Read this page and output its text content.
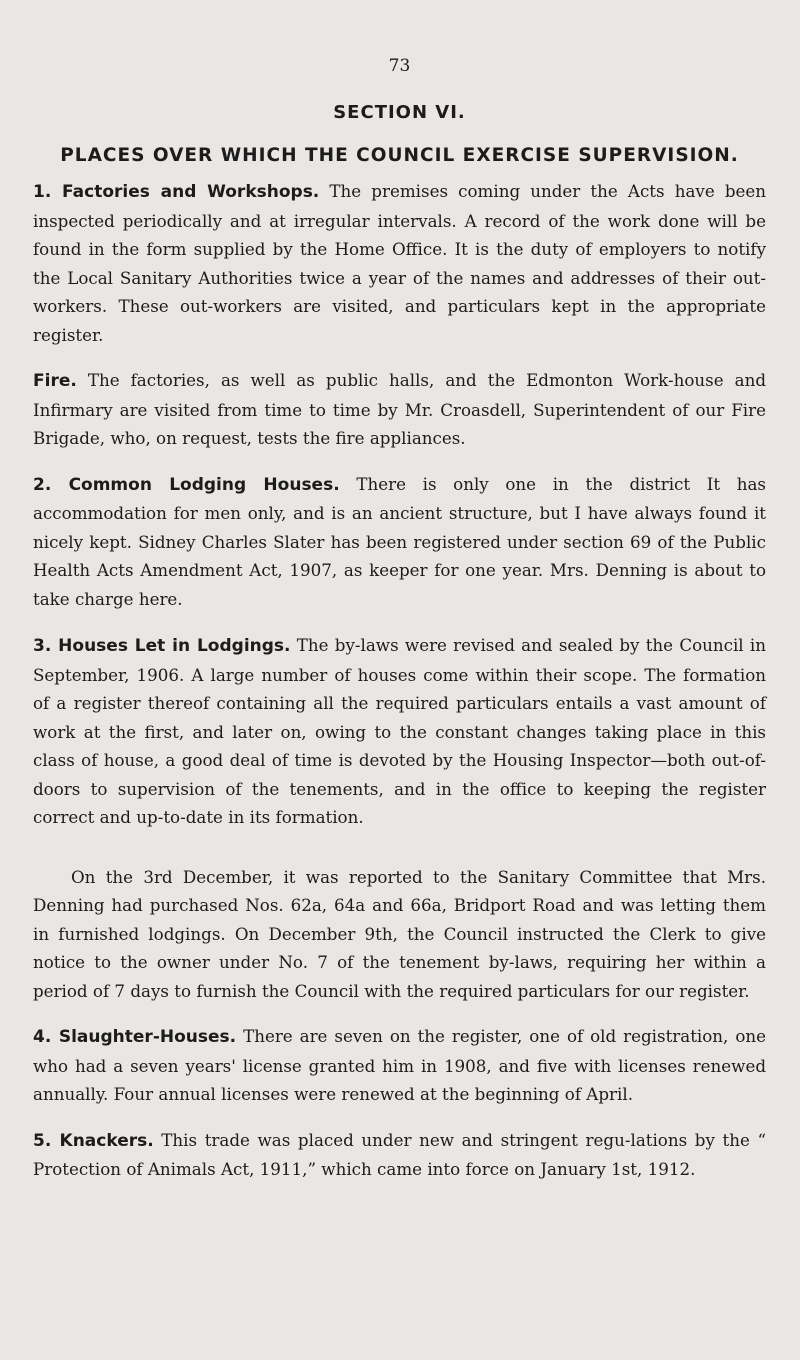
73
SECTION VI.
PLACES OVER WHICH THE COUNCIL EXERCISE SUPERVISION.

1. Factories and Workshops. The premises coming under the Acts have been inspected periodically and at irregular intervals. A record of the work done will be found in the form supplied by the Home Office. It is the duty of employers to notify the Local Sanitary Authorities twice a year of the names and addresses of their out-workers. These out-workers are visited, and particulars kept in the appropriate register.

Fire. The factories, as well as public halls, and the Edmonton Work-house and Infirmary are visited from time to time by Mr. Croasdell, Superintendent of our Fire Brigade, who, on request, tests the fire appliances.

2. Common Lodging Houses. There is only one in the district It has accommodation for men only, and is an ancient structure, but I have always found it nicely kept. Sidney Charles Slater has been registered under section 69 of the Public Health Acts Amendment Act, 1907, as keeper for one year. Mrs. Denning is about to take charge here.

3. Houses Let in Lodgings. The by-laws were revised and sealed by the Council in September, 1906. A large number of houses come within their scope. The formation of a register thereof containing all the required particulars entails a vast amount of work at the first, and later on, owing to the constant changes taking place in this class of house, a good deal of time is devoted by the Housing Inspector—both out-of-doors to supervision of the tenements, and in the office to keeping the register correct and up-to-date in its formation.

On the 3rd December, it was reported to the Sanitary Committee that Mrs. Denning had purchased Nos. 62a, 64a and 66a, Bridport Road and was letting them in furnished lodgings. On December 9th, the Council instructed the Clerk to give notice to the owner under No. 7 of the tenement by-laws, requiring her within a period of 7 days to furnish the Council with the required particulars for our register.

4. Slaughter-Houses. There are seven on the register, one of old registration, one who had a seven years' license granted him in 1908, and five with licenses renewed annually. Four annual licenses were renewed at the beginning of April.

5. Knackers. This trade was placed under new and stringent regu-lations by the “ Protection of Animals Act, 1911,” which came into force on January 1st, 1912.
